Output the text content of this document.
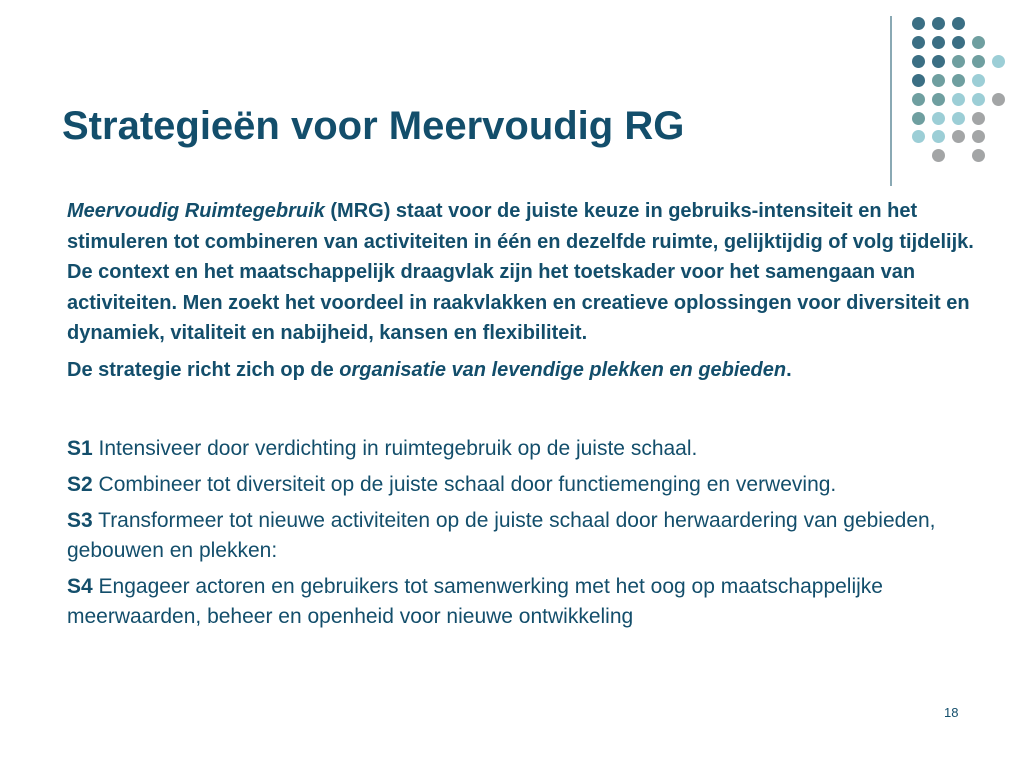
Strategieën voor Meervoudig RG

Meervoudig Ruimtegebruik (MRG) staat voor de juiste keuze in gebruiks-intensiteit en het stimuleren tot combineren van activiteiten in één en dezelfde ruimte, gelijktijdig of volg tijdelijk. De context en het maatschappelijk draagvlak zijn het toetskader voor het samengaan van activiteiten. Men zoekt het voordeel in raakvlakken en creatieve oplossingen voor diversiteit en dynamiek, vitaliteit en nabijheid, kansen en flexibiliteit.

De strategie richt zich op de organisatie van levendige plekken en gebieden.

S1 Intensiveer door verdichting in ruimtegebruik op de juiste schaal.

S2 Combineer tot diversiteit op de juiste schaal door functiemenging en verweving.

S3 Transformeer tot nieuwe activiteiten op de juiste schaal door herwaardering van gebieden, gebouwen en plekken:

S4 Engageer actoren en gebruikers tot samenwerking met het oog op maatschappelijke meerwaarden, beheer en openheid voor nieuwe ontwikkeling

18
